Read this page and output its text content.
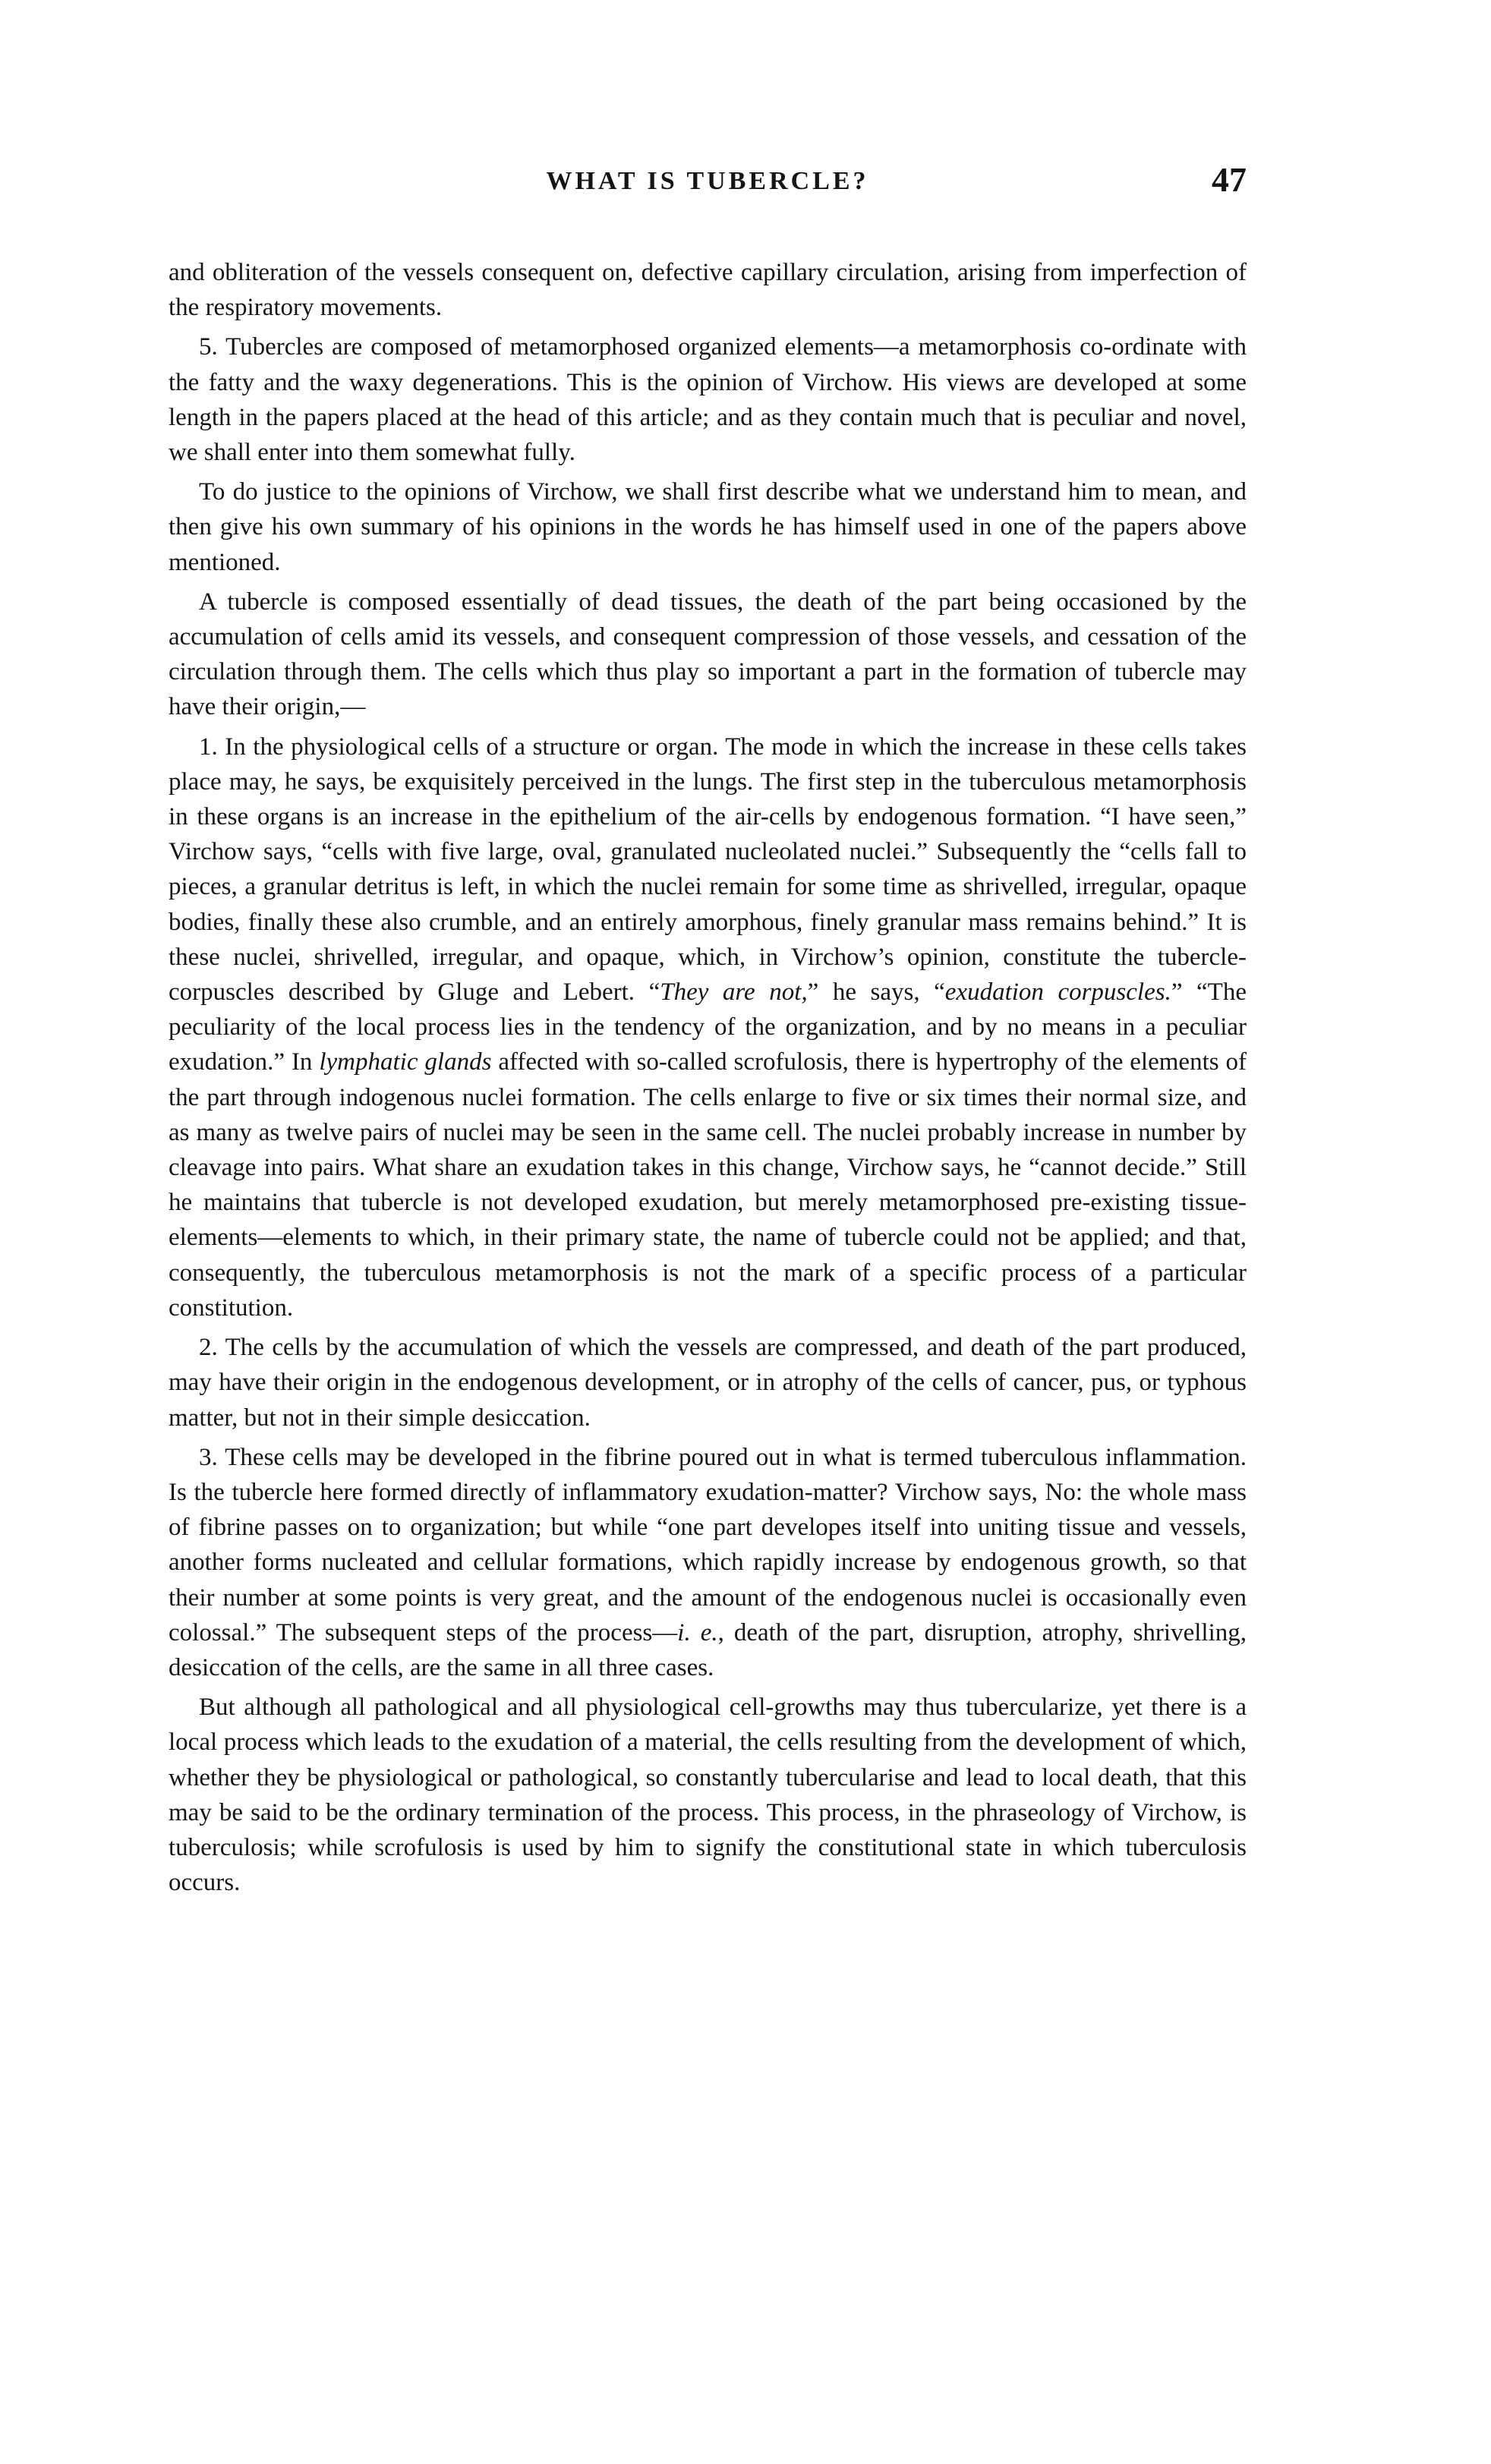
WHAT IS TUBERCLE?	47

and obliteration of the vessels consequent on, defective capillary circulation, arising from imperfection of the respiratory movements.

5. Tubercles are composed of metamorphosed organized elements—a metamorphosis co-ordinate with the fatty and the waxy degenerations. This is the opinion of Virchow. His views are developed at some length in the papers placed at the head of this article; and as they contain much that is peculiar and novel, we shall enter into them somewhat fully.

To do justice to the opinions of Virchow, we shall first describe what we understand him to mean, and then give his own summary of his opinions in the words he has himself used in one of the papers above mentioned.

A tubercle is composed essentially of dead tissues, the death of the part being occasioned by the accumulation of cells amid its vessels, and consequent compression of those vessels, and cessation of the circulation through them. The cells which thus play so important a part in the formation of tubercle may have their origin,—

1. In the physiological cells of a structure or organ. The mode in which the increase in these cells takes place may, he says, be exquisitely perceived in the lungs. The first step in the tuberculous metamorphosis in these organs is an increase in the epithelium of the air-cells by endogenous formation. “I have seen,” Virchow says, “cells with five large, oval, granulated nucleolated nuclei.” Subsequently the “cells fall to pieces, a granular detritus is left, in which the nuclei remain for some time as shrivelled, irregular, opaque bodies, finally these also crumble, and an entirely amorphous, finely granular mass remains behind.” It is these nuclei, shrivelled, irregular, and opaque, which, in Virchow’s opinion, constitute the tubercle-corpuscles described by Gluge and Lebert. “They are not,” he says, “exudation corpuscles.” “The peculiarity of the local process lies in the tendency of the organization, and by no means in a peculiar exudation.” In lymphatic glands affected with so-called scrofulosis, there is hypertrophy of the elements of the part through indogenous nuclei formation. The cells enlarge to five or six times their normal size, and as many as twelve pairs of nuclei may be seen in the same cell. The nuclei probably increase in number by cleavage into pairs. What share an exudation takes in this change, Virchow says, he “cannot decide.” Still he maintains that tubercle is not developed exudation, but merely metamorphosed pre-existing tissue-elements—elements to which, in their primary state, the name of tubercle could not be applied; and that, consequently, the tuberculous metamorphosis is not the mark of a specific process of a particular constitution.

2. The cells by the accumulation of which the vessels are compressed, and death of the part produced, may have their origin in the endogenous development, or in atrophy of the cells of cancer, pus, or typhous matter, but not in their simple desiccation.

3. These cells may be developed in the fibrine poured out in what is termed tuberculous inflammation. Is the tubercle here formed directly of inflammatory exudation-matter? Virchow says, No: the whole mass of fibrine passes on to organization; but while “one part developes itself into uniting tissue and vessels, another forms nucleated and cellular formations, which rapidly increase by endogenous growth, so that their number at some points is very great, and the amount of the endogenous nuclei is occasionally even colossal.” The subsequent steps of the process—i. e., death of the part, disruption, atrophy, shrivelling, desiccation of the cells, are the same in all three cases.

But although all pathological and all physiological cell-growths may thus tubercularize, yet there is a local process which leads to the exudation of a material, the cells resulting from the development of which, whether they be physiological or pathological, so constantly tubercularise and lead to local death, that this may be said to be the ordinary termination of the process. This process, in the phraseology of Virchow, is tuberculosis; while scrofulosis is used by him to signify the constitutional state in which tuberculosis occurs.
